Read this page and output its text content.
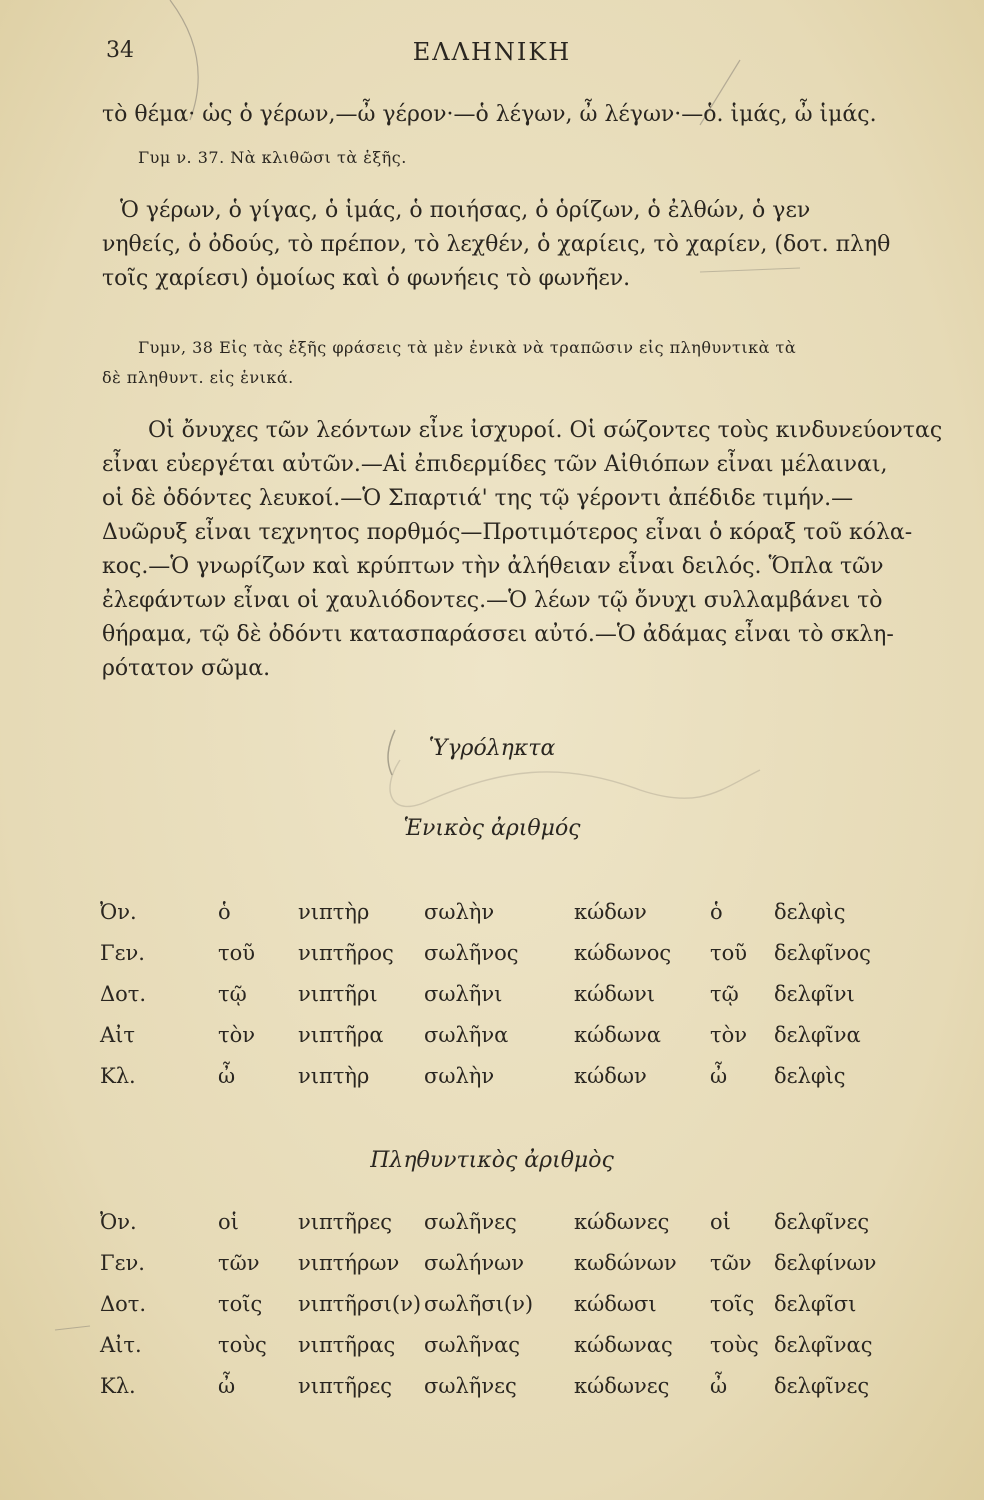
34	ΕΛΛΗΝΙΚΗ
τὸ θέμα· ὡς ὁ γέρων,—ὦ γέρον·—ὁ λέγων, ὦ λέγων·—ὁ. ἱμάς, ὦ ἱμάς.
Γυμ ν. 37. Νὰ κλιθῶσι τὰ ἑξῆς.
Ὁ γέρων, ὁ γίγας, ὁ ἱμάς, ὁ ποιήσας, ὁ ὁρίζων, ὁ ἐλθών, ὁ γεν
νηθείς, ὁ ὀδούς, τὸ πρέπον, τὸ λεχθέν, ὁ χαρίεις, τὸ χαρίεν, (δοτ. πληθ
τοῖς χαρίεσι) ὁμοίως καὶ ὁ φωνήεις τὸ φωνῆεν.
Γυμν, 38 Εἰς τὰς ἑξῆς φράσεις τὰ μὲν ἑνικὰ νὰ τραπῶσιν εἰς πληθυντικὰ τὰ
δὲ πληθυντ. εἰς ἑνικά.
Οἱ ὄνυχες τῶν λεόντων εἶνε ἰσχυροί. Οἱ σώζοντες τοὺς κινδυνεύοντας
εἶναι εὐεργέται αὐτῶν.—Αἱ ἐπιδερμίδες τῶν Αἰθιόπων εἶναι μέλαιναι,
οἱ δὲ ὀδόντες λευκοί.—Ὁ Σπαρτιά' της τῷ γέροντι ἀπέδιδε τιμήν.—
Δυῶρυξ εἶναι τεχνητος πορθμός—Προτιμότερος εἶναι ὁ κόραξ τοῦ κόλα-
κος.—Ὁ γνωρίζων καὶ κρύπτων τὴν ἀλήθειαν εἶναι δειλός. Ὅπλα τῶν
ἐλεφάντων εἶναι οἱ χαυλιόδοντες.—Ὁ λέων τῷ ὄνυχι συλλαμβάνει τὸ
θήραμα, τῷ δὲ ὀδόντι κατασπαράσσει αὐτό.—Ὁ ἀδάμας εἶναι τὸ σκλη-
ρότατον σῶμα.
Ὑγρόληκτα
Ἑνικὸς ἀριθμός
Ὀν.	ὁ	νιπτὴρ	σωλὴν	κώδων	ὁ	δελφὶς
Γεν.	τοῦ	νιπτῆρος	σωλῆνος	κώδωνος	τοῦ	δελφῖνος
Δοτ.	τῷ	νιπτῆρι	σωλῆνι	κώδωνι	τῷ	δελφῖνι
Αἰτ	τὸν	νιπτῆρα	σωλῆνα	κώδωνα	τὸν	δελφῖνα
Κλ.	ὦ	νιπτὴρ	σωλὴν	κώδων	ὦ	δελφὶς
Πληθυντικὸς ἀριθμὸς
Ὀν.	οἱ	νιπτῆρες	σωλῆνες	κώδωνες	οἱ	δελφῖνες
Γεν.	τῶν	νιπτήρων	σωλήνων	κωδώνων	τῶν	δελφίνων
Δοτ.	τοῖς	νιπτῆρσι(ν)	σωλῆσι(ν)	κώδωσι	τοῖς	δελφῖσι
Αἰτ.	τοὺς	νιπτῆρας	σωλῆνας	κώδωνας	τοὺς	δελφῖνας
Κλ.	ὦ	νιπτῆρες	σωλῆνες	κώδωνες	ὦ	δελφῖνες
